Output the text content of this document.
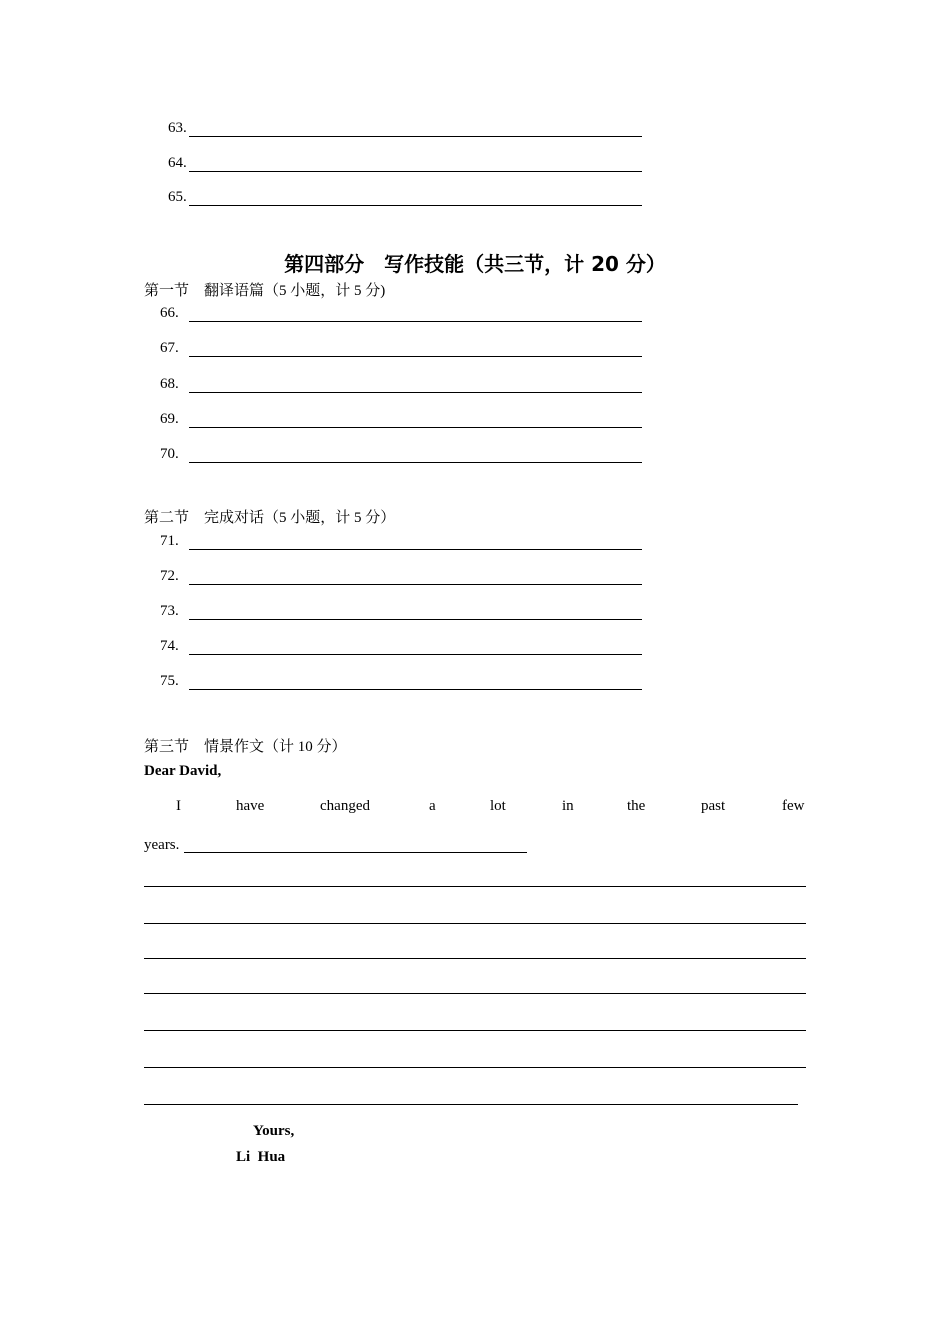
63.
64.
65.
第四部分　写作技能（共三节，计 20 分）
第一节　翻译语篇（5 小题，计 5 分)
66.
67.
68.
69.
70.
第二节　完成对话（5 小题，计 5 分）
71.
72.
73.
74.
75.
第三节　情景作文（计 10 分）
Dear David,
I	have	changed	a	lot	in	the	past	few
years.
Yours,
Li  Hua
